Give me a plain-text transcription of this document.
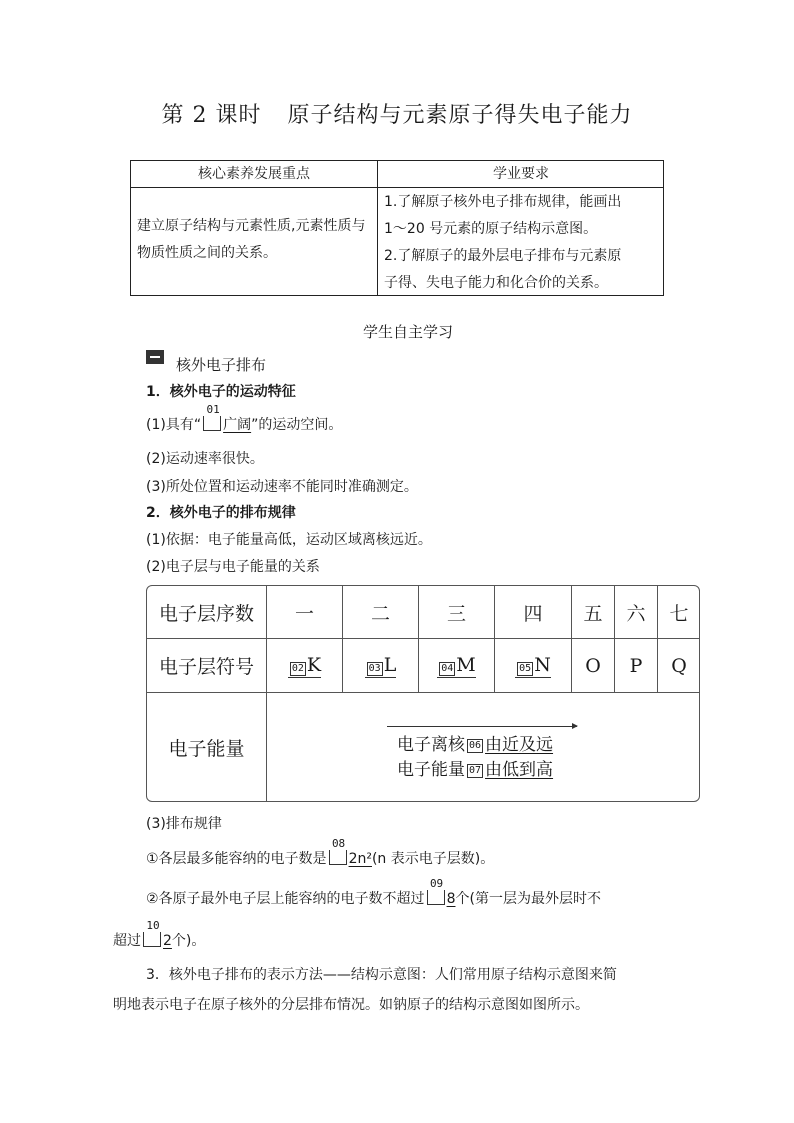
第 2 课时 原子结构与元素原子得失电子能力
核心素养发展重点	学业要求
建立原子结构与元素性质,元素性质与物质性质之间的关系。
1.了解原子核外电子排布规律，能画出
1～20 号元素的原子结构示意图。
2.了解原子的最外层电子排布与元素原
子得、失电子能力和化合价的关系。
学生自主学习
核外电子排布
1．核外电子的运动特征
(1)具有“
01
广阔”的运动空间。
(2)运动速率很快。
(3)所处位置和运动速率不能同时准确测定。
2．核外电子的排布规律
(1)依据：电子能量高低，运动区域离核远近。
(2)电子层与电子能量的关系
电子层序数	一	二	三	四	五	六	七
电子层符号	02 K	03 L	04 M	05 N	O	P	Q
电子能量	电子离核 06 由近及远
电子能量 07 由低到高
(3)排布规律
①各层最多能容纳的电子数是
08
2n²(n 表示电子层数)。
②各原子最外电子层上能容纳的电子数不超过
09
8个(第一层为最外层时不
超过
10
2个)。
3．核外电子排布的表示方法——结构示意图：人们常用原子结构示意图来简
明地表示电子在原子核外的分层排布情况。如钠原子的结构示意图如图所示。
